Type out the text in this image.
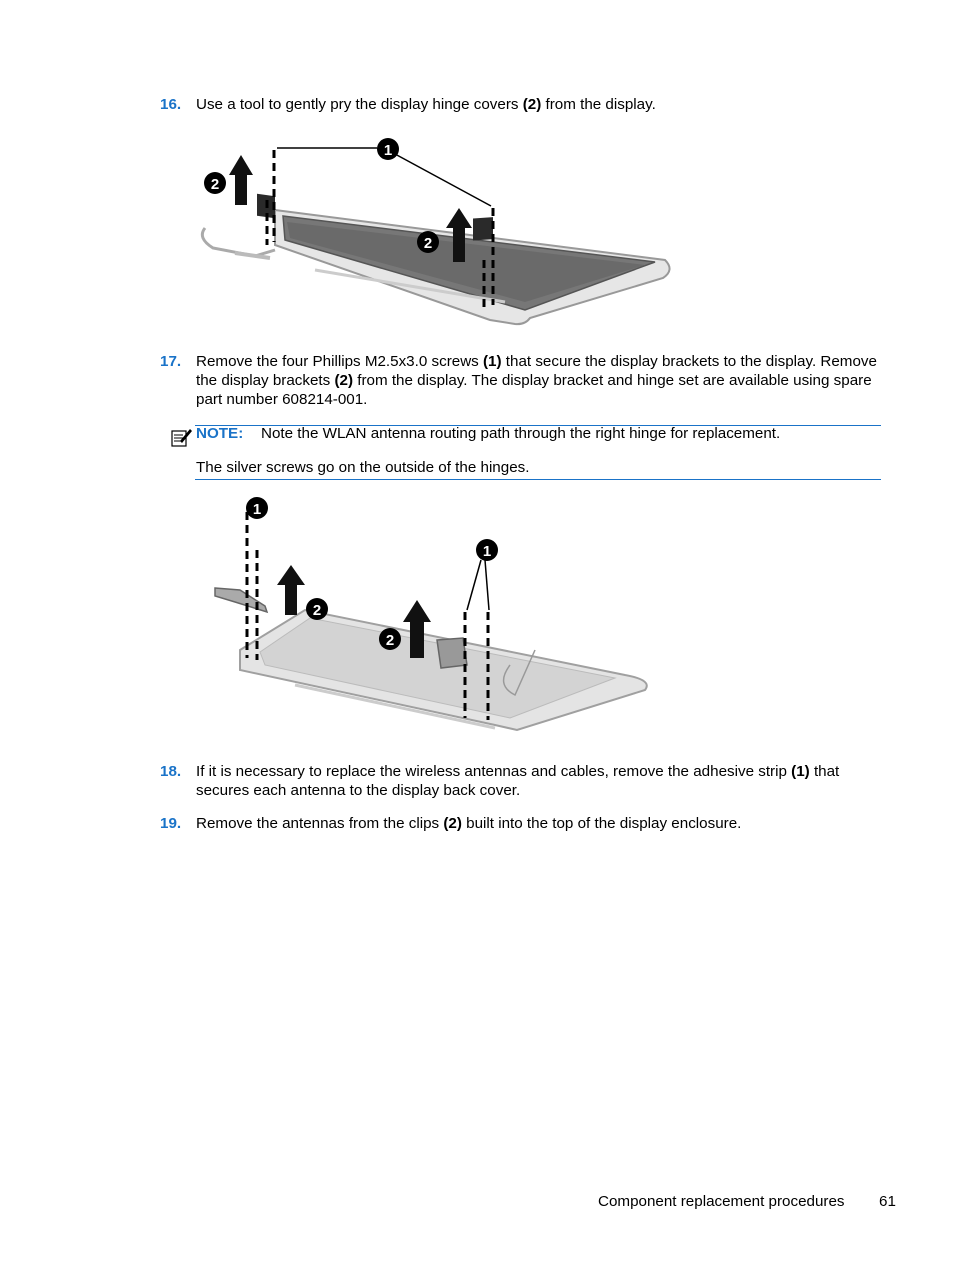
16. Use a tool to gently pry the display hinge covers (2) from the display.
1
2
2
17. Remove the four Phillips M2.5x3.0 screws (1) that secure the display brackets to the display. Remove the display brackets (2) from the display. The display bracket and hinge set are available using spare part number 608214-001.
NOTE: Note the WLAN antenna routing path through the right hinge for replacement.
The silver screws go on the outside of the hinges.
1
1
2
2
18. If it is necessary to replace the wireless antennas and cables, remove the adhesive strip (1) that secures each antenna to the display back cover.
19. Remove the antennas from the clips (2) built into the top of the display enclosure.
Component replacement procedures 61
